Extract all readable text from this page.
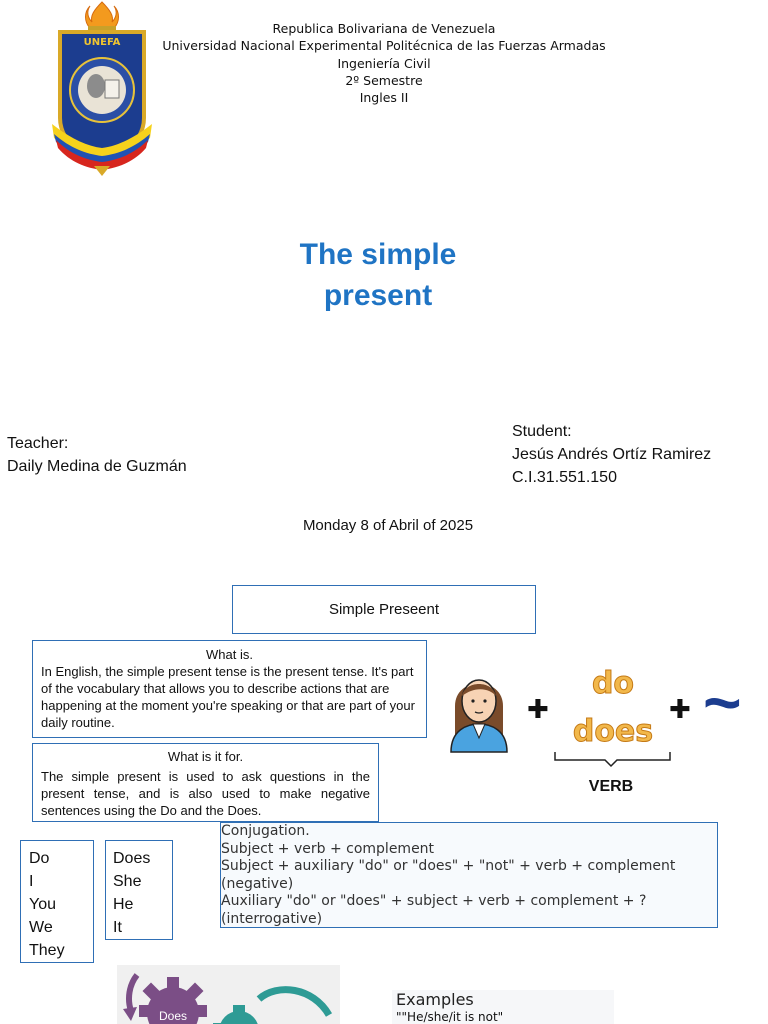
UNEFA
Republica Bolivariana de Venezuela
Universidad Nacional Experimental Politécnica de las Fuerzas Armadas
Ingeniería Civil
2º Semestre
Ingles II
The simple
present
Teacher:
Daily Medina de Guzmán
Student:
Jesús Andrés Ortíz Ramirez
C.I.31.551.150
Monday 8 of Abril of 2025
Simple Preseent
What is.
In English, the simple present tense is the present tense. It's part of the vocabulary that allows you to describe actions that are happening at the moment you're speaking or that are part of your daily routine.
What is it for.
The simple present is used to ask questions in the present tense, and is also used to make negative sentences using the Do and the Does.
✚
do
does
✚ ~
VERB
Do
I
You
We
They
Does
She
He
It
Conjugation.
Subject + verb + complement
Subject + auxiliary "do" or "does" + "not" + verb + complement
(negative)
Auxiliary "do" or "does" + subject + verb + complement + ?
(interrogative)
Does
Examples
""He/she/it is not"
